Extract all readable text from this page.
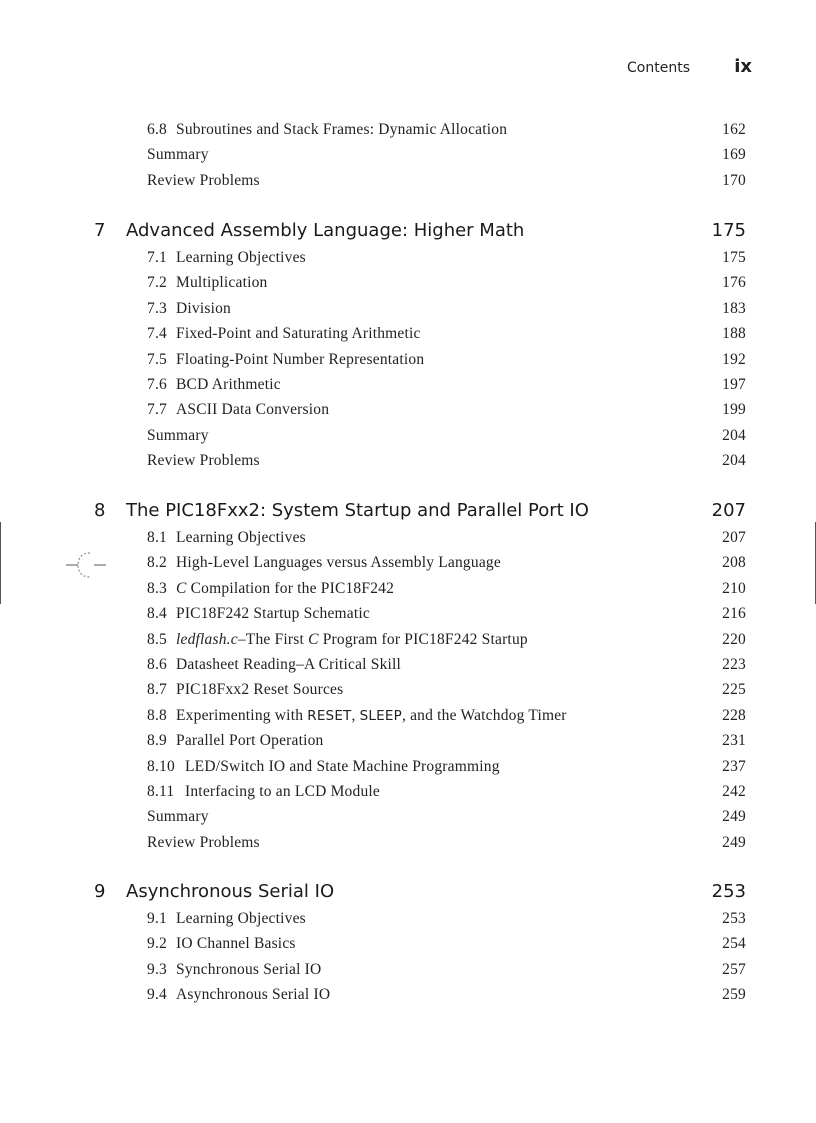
Contents	ix
6.8 Subroutines and Stack Frames: Dynamic Allocation	162
Summary	169
Review Problems	170
7 Advanced Assembly Language: Higher Math	175
7.1 Learning Objectives	175
7.2 Multiplication	176
7.3 Division	183
7.4 Fixed-Point and Saturating Arithmetic	188
7.5 Floating-Point Number Representation	192
7.6 BCD Arithmetic	197
7.7 ASCII Data Conversion	199
Summary	204
Review Problems	204
8 The PIC18Fxx2: System Startup and Parallel Port IO	207
8.1 Learning Objectives	207
8.2 High-Level Languages versus Assembly Language	208
8.3 C Compilation for the PIC18F242	210
8.4 PIC18F242 Startup Schematic	216
8.5 ledflash.c–The First C Program for PIC18F242 Startup	220
8.6 Datasheet Reading–A Critical Skill	223
8.7 PIC18Fxx2 Reset Sources	225
8.8 Experimenting with RESET, SLEEP, and the Watchdog Timer	228
8.9 Parallel Port Operation	231
8.10 LED/Switch IO and State Machine Programming	237
8.11 Interfacing to an LCD Module	242
Summary	249
Review Problems	249
9 Asynchronous Serial IO	253
9.1 Learning Objectives	253
9.2 IO Channel Basics	254
9.3 Synchronous Serial IO	257
9.4 Asynchronous Serial IO	259
